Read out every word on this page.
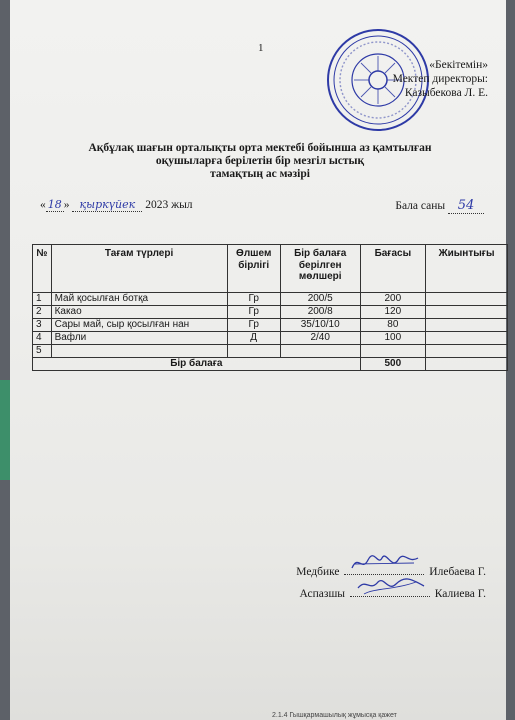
1
«Бекітемін»
Мектеп директоры:
Казыбекова Л. Е.
Ақбұлақ шағын орталықты орта мектебі бойынша аз қамтылған
оқушыларға берілетін бір мезгіл ыстық
тамақтың ас мәзірі
« 18 » қыркүйек 2023 жыл	Бала саны 54
№	Тағам түрлері	Өлшем бірлігі	Бір балаға берілген мөлшері	Бағасы	Жиынтығы
1	Май қосылған ботқа	Гр	200/5	200	
2	Какао	Гр	200/8	120	
3	Сары май, сыр қосылған нан	Гр	35/10/10	80	
4	Вафли	Д	2/40	100	
5					
Бір балаға				500	
Медбике	Илебаева Г.
Аспазшы	Калиева Г.
2.1.4 Гышқармашылық жұмысқа қажет
